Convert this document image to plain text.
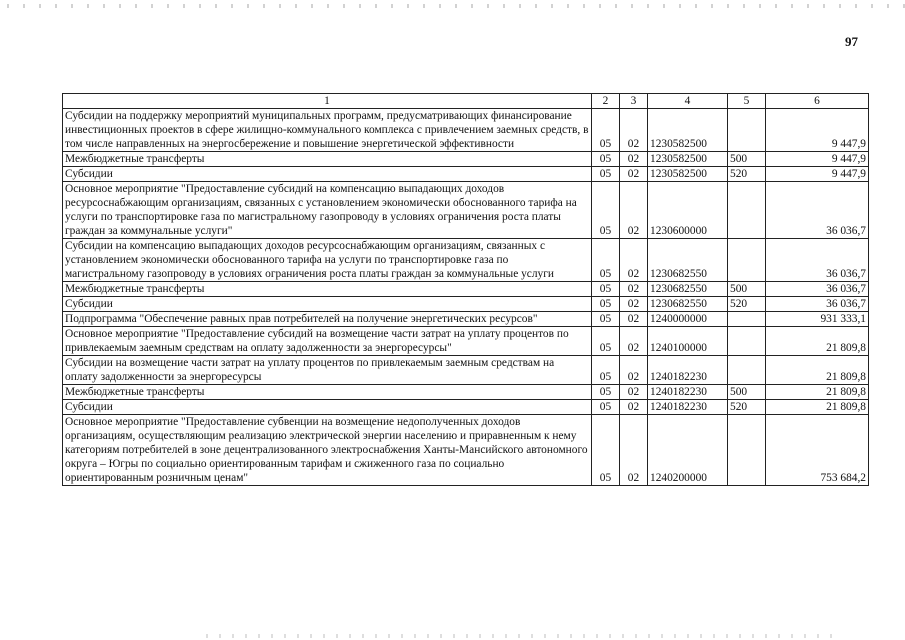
97
1	2	3	4	5	6
Субсидии на поддержку мероприятий муниципальных программ, предусматривающих финансирование инвестиционных проектов в сфере жилищно-коммунального комплекса с привлечением заемных средств, в том числе направленных на энергосбережение и повышение энергетической эффективности	05	02	1230582500		9 447,9
Межбюджетные трансферты	05	02	1230582500	500	9 447,9
Субсидии	05	02	1230582500	520	9 447,9
Основное мероприятие "Предоставление субсидий на компенсацию выпадающих доходов ресурсоснабжающим организациям, связанных с установлением экономически обоснованного тарифа на услуги по транспортировке газа по магистральному газопроводу в условиях ограничения роста платы граждан за коммунальные услуги"	05	02	1230600000		36 036,7
Субсидии на компенсацию выпадающих доходов ресурсоснабжающим организациям, связанных с установлением экономически обоснованного тарифа на услуги по транспортировке газа по магистральному газопроводу в условиях ограничения роста платы граждан за коммунальные услуги	05	02	1230682550		36 036,7
Межбюджетные трансферты	05	02	1230682550	500	36 036,7
Субсидии	05	02	1230682550	520	36 036,7
Подпрограмма "Обеспечение равных прав потребителей на получение энергетических ресурсов"	05	02	1240000000		931 333,1
Основное мероприятие "Предоставление субсидий на возмещение части затрат на уплату процентов по привлекаемым заемным средствам на оплату задолженности за энергоресурсы"	05	02	1240100000		21 809,8
Субсидии на возмещение части затрат на уплату процентов по привлекаемым заемным средствам на оплату задолженности за энергоресурсы	05	02	1240182230		21 809,8
Межбюджетные трансферты	05	02	1240182230	500	21 809,8
Субсидии	05	02	1240182230	520	21 809,8
Основное мероприятие "Предоставление субвенции на возмещение недополученных доходов организациям, осуществляющим реализацию электрической энергии населению и приравненным к нему категориям потребителей в зоне децентрализованного электроснабжения Ханты-Мансийского автономного округа – Югры по социально ориентированным тарифам и сжиженного газа по социально ориентированным розничным ценам"	05	02	1240200000		753 684,2
